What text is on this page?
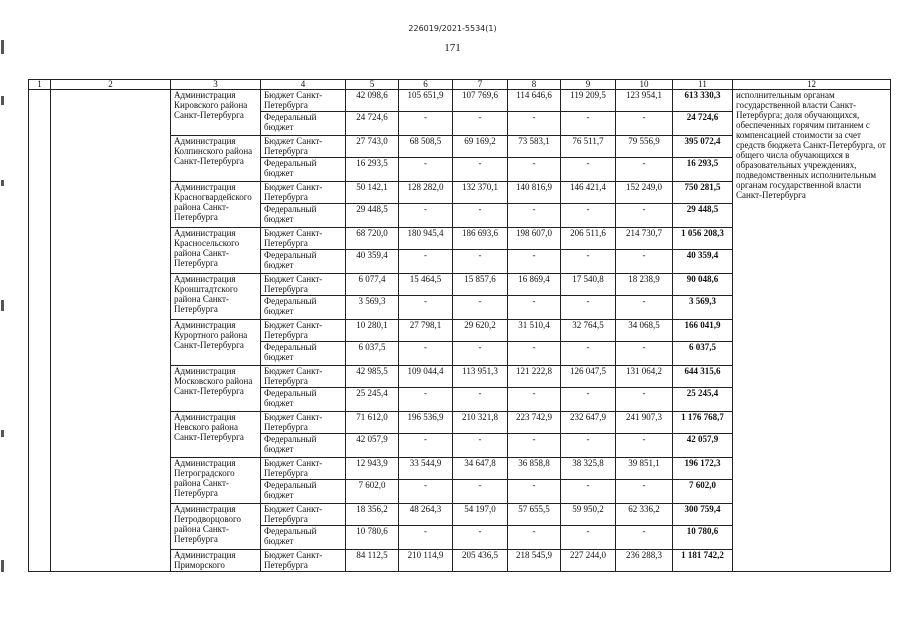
226019/2021-5534(1)
171
1	2	3	4	5	6	7	8	9	10	11	12
		Администрация Кировского района Санкт-Петербурга	Бюджет Санкт-Петербурга	42 098,6	105 651,9	107 769,6	114 646,6	119 209,5	123 954,1	613 330,3	исполнительным органам государственной власти Санкт-Петербурга; доля обучающихся, обеспеченных горячим питанием с компенсацией стоимости за счет средств бюджета Санкт-Петербурга, от общего числа обучающихся в образовательных учреждениях, подведомственных исполнительным органам государственной власти Санкт-Петербурга
			Федеральный бюджет	24 724,6	-	-	-	-	-	24 724,6	
		Администрация Колпинского района Санкт-Петербурга	Бюджет Санкт-Петербурга	27 743,0	68 508,5	69 169,2	73 583,1	76 511,7	79 556,9	395 072,4	
			Федеральный бюджет	16 293,5	-	-	-	-	-	16 293,5	
		Администрация Красногвардейского района Санкт-Петербурга	Бюджет Санкт-Петербурга	50 142,1	128 282,0	132 370,1	140 816,9	146 421,4	152 249,0	750 281,5	
			Федеральный бюджет	29 448,5	-	-	-	-	-	29 448,5	
		Администрация Красносельского района Санкт-Петербурга	Бюджет Санкт-Петербурга	68 720,0	180 945,4	186 693,6	198 607,0	206 511,6	214 730,7	1 056 208,3	
			Федеральный бюджет	40 359,4	-	-	-	-	-	40 359,4	
		Администрация Кронштадтского района Санкт-Петербурга	Бюджет Санкт-Петербурга	6 077,4	15 464,5	15 857,6	16 869,4	17 540,8	18 238,9	90 048,6	
			Федеральный бюджет	3 569,3	-	-	-	-	-	3 569,3	
		Администрация Курортного района Санкт-Петербурга	Бюджет Санкт-Петербурга	10 280,1	27 798,1	29 620,2	31 510,4	32 764,5	34 068,5	166 041,9	
			Федеральный бюджет	6 037,5	-	-	-	-	-	6 037,5	
		Администрация Московского района Санкт-Петербурга	Бюджет Санкт-Петербурга	42 985,5	109 044,4	113 951,3	121 222,8	126 047,5	131 064,2	644 315,6	
			Федеральный бюджет	25 245,4	-	-	-	-	-	25 245,4	
		Администрация Невского района Санкт-Петербурга	Бюджет Санкт-Петербурга	71 612,0	196 536,9	210 321,8	223 742,9	232 647,9	241 907,3	1 176 768,7	
			Федеральный бюджет	42 057,9	-	-	-	-	-	42 057,9	
		Администрация Петроградского района Санкт-Петербурга	Бюджет Санкт-Петербурга	12 943,9	33 544,9	34 647,8	36 858,8	38 325,8	39 851,1	196 172,3	
			Федеральный бюджет	7 602,0	-	-	-	-	-	7 602,0	
		Администрация Петродворцового района Санкт-Петербурга	Бюджет Санкт-Петербурга	18 356,2	48 264,3	54 197,0	57 655,5	59 950,2	62 336,2	300 759,4	
			Федеральный бюджет	10 780,6	-	-	-	-	-	10 780,6	
		Администрация Приморского	Бюджет Санкт-Петербурга	84 112,5	210 114,9	205 436,5	218 545,9	227 244,0	236 288,3	1 181 742,2	
